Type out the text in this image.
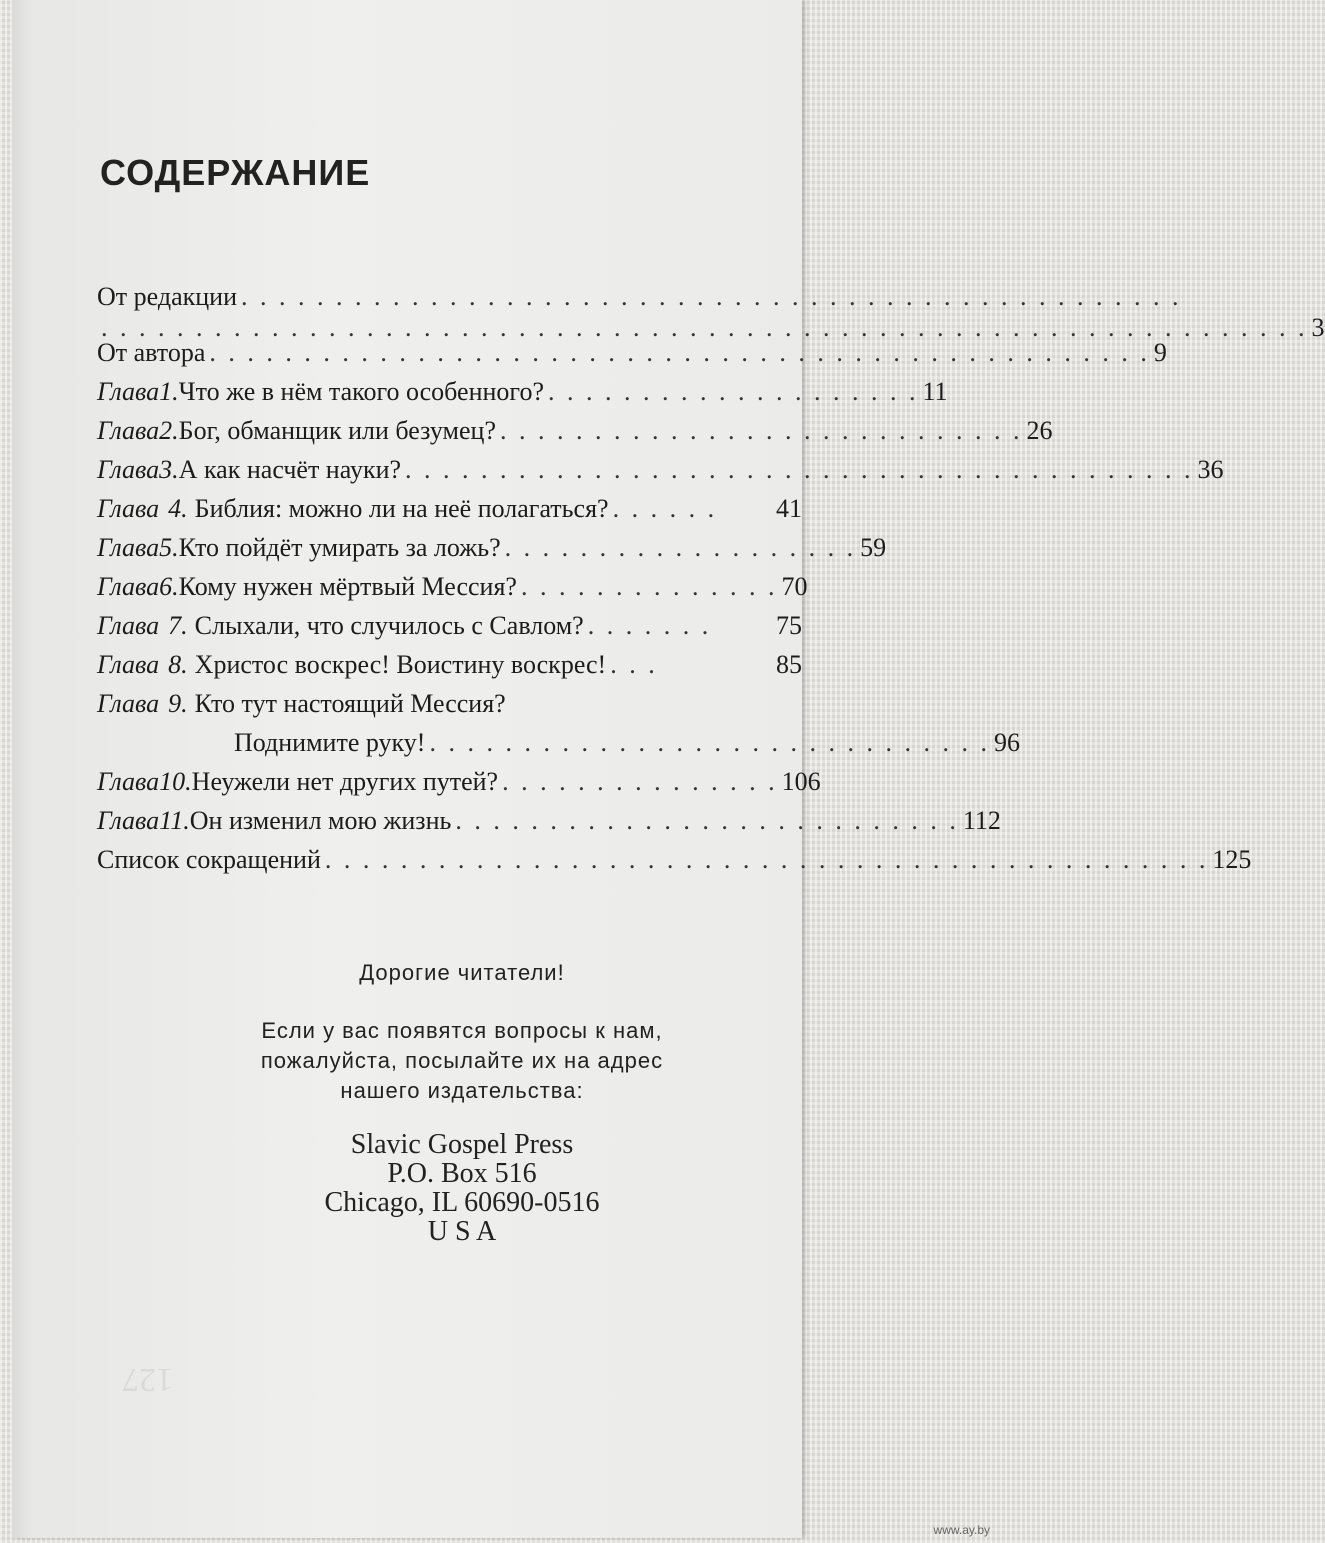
СОДЕРЖАНИЕ
От редакции . . . . . . . . . . . . . . . . . . . . . . . . . . . . . . . . . . . . . . . . . . . . . . . . . .
. . . . . . . . . . . . . . . . . . . . . . . . . . . . . . . . . . . . . . . . . . . . . . . . . . . . . . . . . . . . . . . . 3
От автора . . . . . . . . . . . . . . . . . . . . . . . . . . . . . . . . . . . . . . . . . . . . . . . . . . 9
Глава 1. Что же в нём такого особенного? . . . . . . . . . . . . . . . . . . . . 11
Глава 2. Бог, обманщик или безумец? . . . . . . . . . . . . . . . . . . . . . . . . . . . . 26
Глава 3. А как насчёт науки? . . . . . . . . . . . . . . . . . . . . . . . . . . . . . . . . . . . . . . . . . . 36
Глава 4. Библия: можно ли на неё полагаться? . . . . . .	41
Глава 5. Кто пойдёт умирать за ложь? . . . . . . . . . . . . . . . . . . . 59
Глава 6. Кому нужен мёртвый Мессия? . . . . . . . . . . . . . . 70
Глава 7. Слыхали, что случилось с Савлом? . . . . . . .	75
Глава 8. Христос воскрес! Воистину воскрес! . . .	85
Глава 9. Кто тут настоящий Мессия?
Поднимите руку! . . . . . . . . . . . . . . . . . . . . . . . . . . . . . . 96
Глава 10. Неужели нет других путей? . . . . . . . . . . . . . . . 106
Глава 11. Он изменил мою жизнь . . . . . . . . . . . . . . . . . . . . . . . . . . . 112
Список сокращений . . . . . . . . . . . . . . . . . . . . . . . . . . . . . . . . . . . . . . . . . . . . . . . 125
Дорогие читатели!
Если у вас появятся вопросы к нам,
пожалуйста, посылайте их на адрес
нашего издательства:
Slavic Gospel Press
P.O. Box 516
Chicago, IL 60690-0516
U S A
127
www.ay.by
